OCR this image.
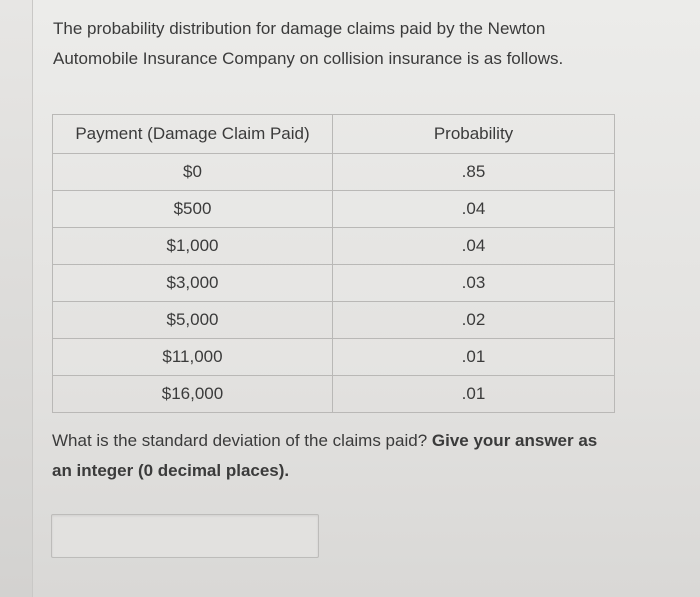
The probability distribution for damage claims paid by the Newton Automobile Insurance Company on collision insurance is as follows.

Payment (Damage Claim Paid)	Probability
$0	.85
$500	.04
$1,000	.04
$3,000	.03
$5,000	.02
$11,000	.01
$16,000	.01

What is the standard deviation of the claims paid? Give your answer as an integer (0 decimal places).
